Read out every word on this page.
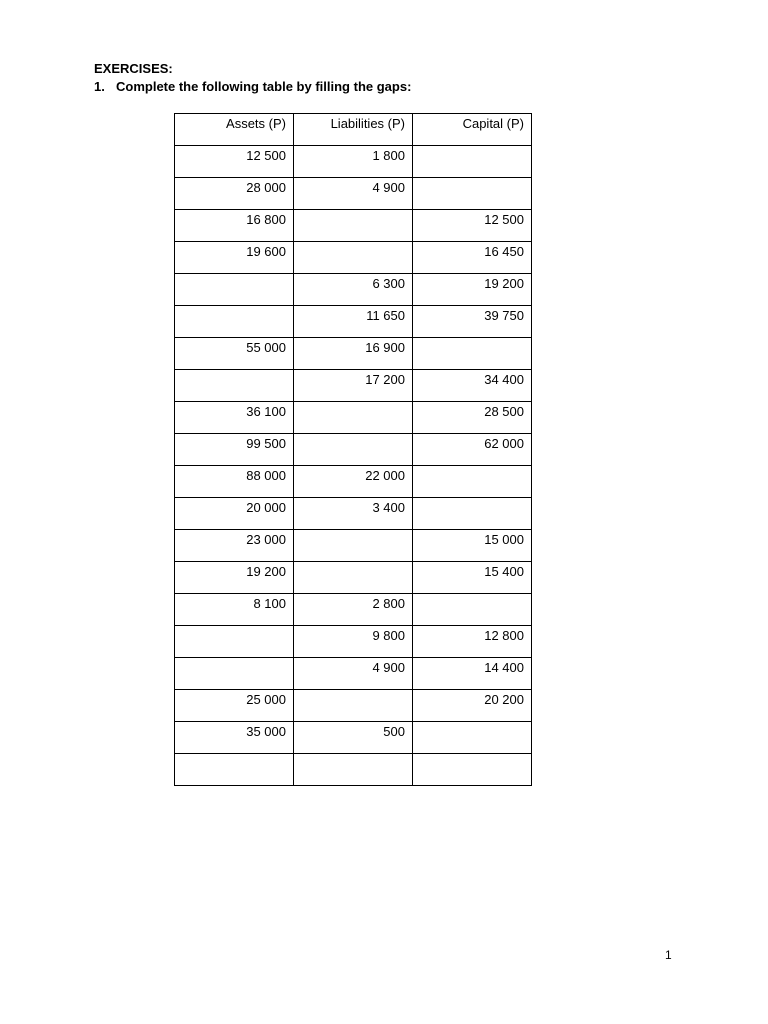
EXERCISES:
1. Complete the following table by filling the gaps:
Assets (P)	Liabilities (P)	Capital (P)
12 500	1 800	
28 000	4 900	
16 800		12 500
19 600		16 450
	6 300	19 200
	11 650	39 750
55 000	16 900	
	17 200	34 400
36 100		28 500
99 500		62 000
88 000	22 000	
20 000	3 400	
23 000		15 000
19 200		15 400
8 100	2 800	
	9 800	12 800
	4 900	14 400
25 000		20 200
35 000	500	

1
